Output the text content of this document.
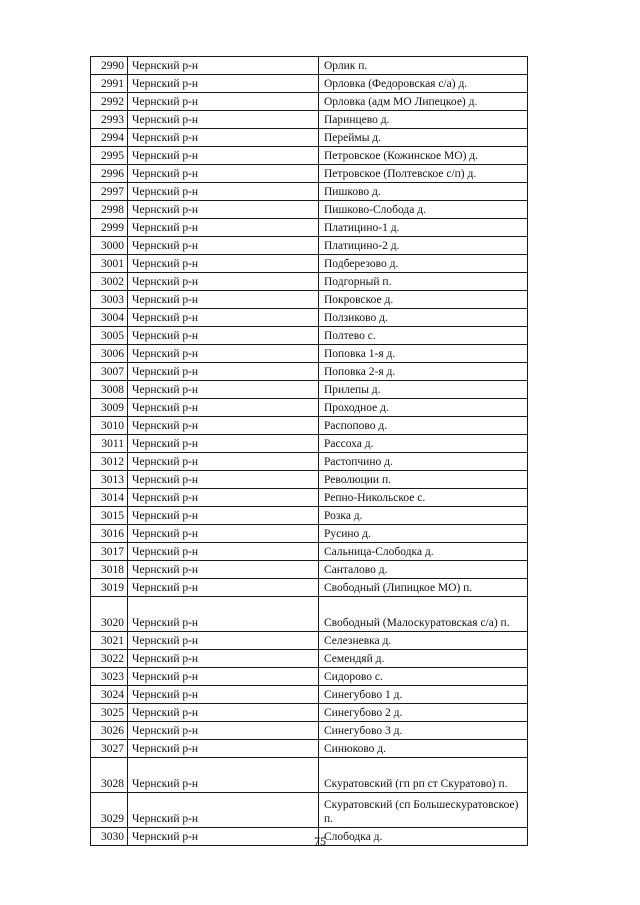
2990	Чернский р-н	Орлик п.
2991	Чернский р-н	Орловка (Федоровская с/а) д.
2992	Чернский р-н	Орловка (адм МО Липецкое) д.
2993	Чернский р-н	Паринцево д.
2994	Чернский р-н	Переймы д.
2995	Чернский р-н	Петровское (Кожинское МО) д.
2996	Чернский р-н	Петровское (Полтевское с/п) д.
2997	Чернский р-н	Пишково д.
2998	Чернский р-н	Пишково-Слобода д.
2999	Чернский р-н	Платицино-1 д.
3000	Чернский р-н	Платицино-2 д.
3001	Чернский р-н	Подберезово д.
3002	Чернский р-н	Подгорный п.
3003	Чернский р-н	Покровское д.
3004	Чернский р-н	Ползиково д.
3005	Чернский р-н	Полтево с.
3006	Чернский р-н	Поповка 1-я д.
3007	Чернский р-н	Поповка 2-я д.
3008	Чернский р-н	Прилепы д.
3009	Чернский р-н	Проходное д.
3010	Чернский р-н	Распопово д.
3011	Чернский р-н	Рассоха д.
3012	Чернский р-н	Растопчино д.
3013	Чернский р-н	Революции п.
3014	Чернский р-н	Репно-Никольское с.
3015	Чернский р-н	Розка д.
3016	Чернский р-н	Русино д.
3017	Чернский р-н	Сальница-Слободка д.
3018	Чернский р-н	Санталово д.
3019	Чернский р-н	Свободный (Липицкое МО) п.
3020	Чернский р-н	Свободный (Малоскуратовская с/а) п.
3021	Чернский р-н	Селезневка д.
3022	Чернский р-н	Семендяй д.
3023	Чернский р-н	Сидорово с.
3024	Чернский р-н	Синегубово 1 д.
3025	Чернский р-н	Синегубово 2 д.
3026	Чернский р-н	Синегубово 3 д.
3027	Чернский р-н	Синюково д.
3028	Чернский р-н	Скуратовский (гп рп ст Скуратово) п.
3029	Чернский р-н	Скуратовский (сп Большескуратовское) п.
3030	Чернский р-н	Слободка д.
75
